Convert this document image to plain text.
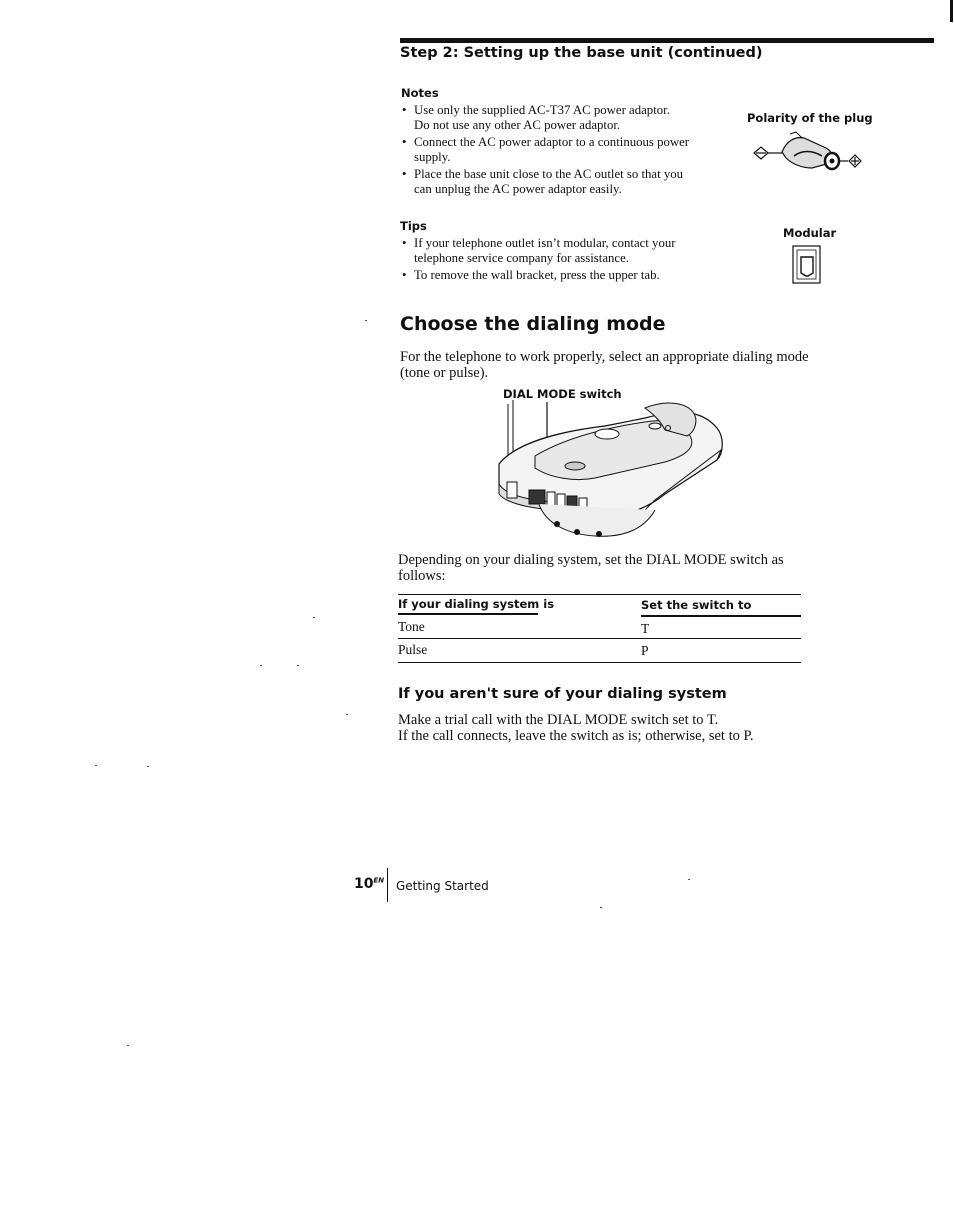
Step 2: Setting up the base unit (continued)
Notes
• Use only the supplied AC-T37 AC power adaptor.
Do not use any other AC power adaptor.
• Connect the AC power adaptor to a continuous power
supply.
• Place the base unit close to the AC outlet so that you
can unplug the AC power adaptor easily.
Polarity of the plug
Tips
• If your telephone outlet isn’t modular, contact your
telephone service company for assistance.
• To remove the wall bracket, press the upper tab.
Modular
Choose the dialing mode
For the telephone to work properly, select an appropriate dialing mode
(tone or pulse).
DIAL MODE switch
Depending on your dialing system, set the DIAL MODE switch as
follows:
If your dialing system is	Set the switch to
Tone	T
Pulse	P
If you aren't sure of your dialing system
Make a trial call with the DIAL MODE switch set to T.
If the call connects, leave the switch as is; otherwise, set to P.
$10^{EN}$ Getting Started
